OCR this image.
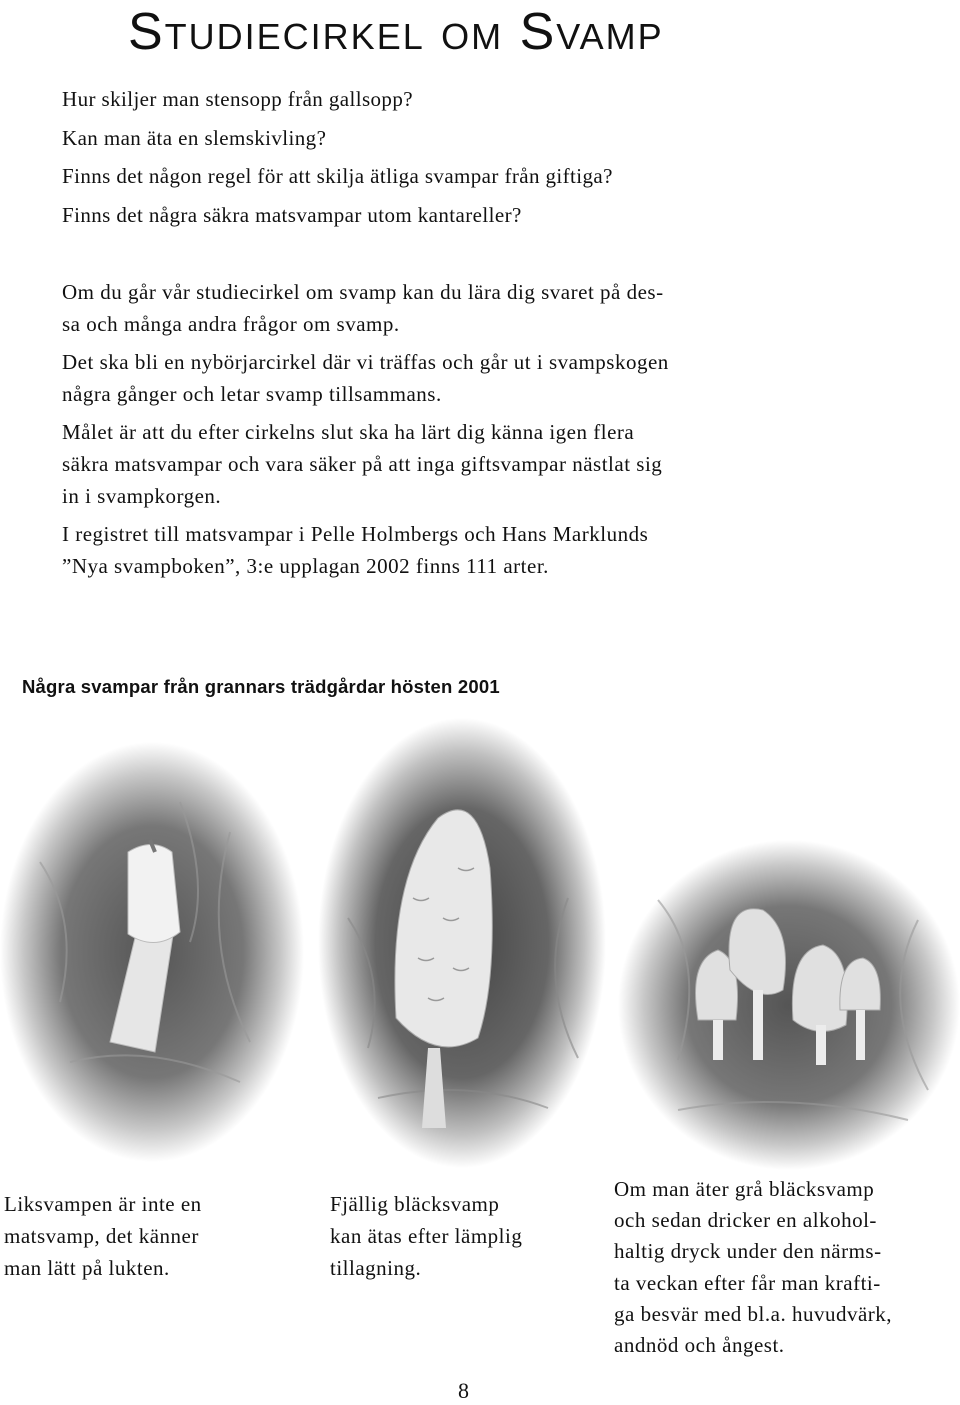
Studiecirkel om Svamp
Hur skiljer man stensopp från gallsopp?
Kan man äta en slemskivling?
Finns det någon regel för att skilja ätliga svampar från giftiga?
Finns det några säkra matsvampar utom kantareller?
Om du går vår studiecirkel om svamp kan du lära dig svaret på des-
sa och många andra frågor om svamp.
Det ska bli en nybörjarcirkel där vi träffas och går ut i svampskogen
några gånger och letar svamp tillsammans.
Målet är att du efter cirkelns slut ska ha lärt dig känna igen flera
säkra matsvampar och vara säker på att inga giftsvampar nästlat sig
in i svampkorgen.
I registret till matsvampar i Pelle Holmbergs och Hans Marklunds
”Nya svampboken”, 3:e upplagan 2002 finns 111 arter.
Några svampar från grannars trädgårdar hösten 2001
Liksvampen är inte en
matsvamp, det känner
man lätt på lukten.
Fjällig bläcksvamp
kan ätas efter lämplig
tillagning.
Om man äter grå bläcksvamp
och sedan dricker en alkohol-
haltig dryck under den närms-
ta veckan efter får man krafti-
ga besvär med bl.a. huvudvärk,
andnöd och ångest.
8
